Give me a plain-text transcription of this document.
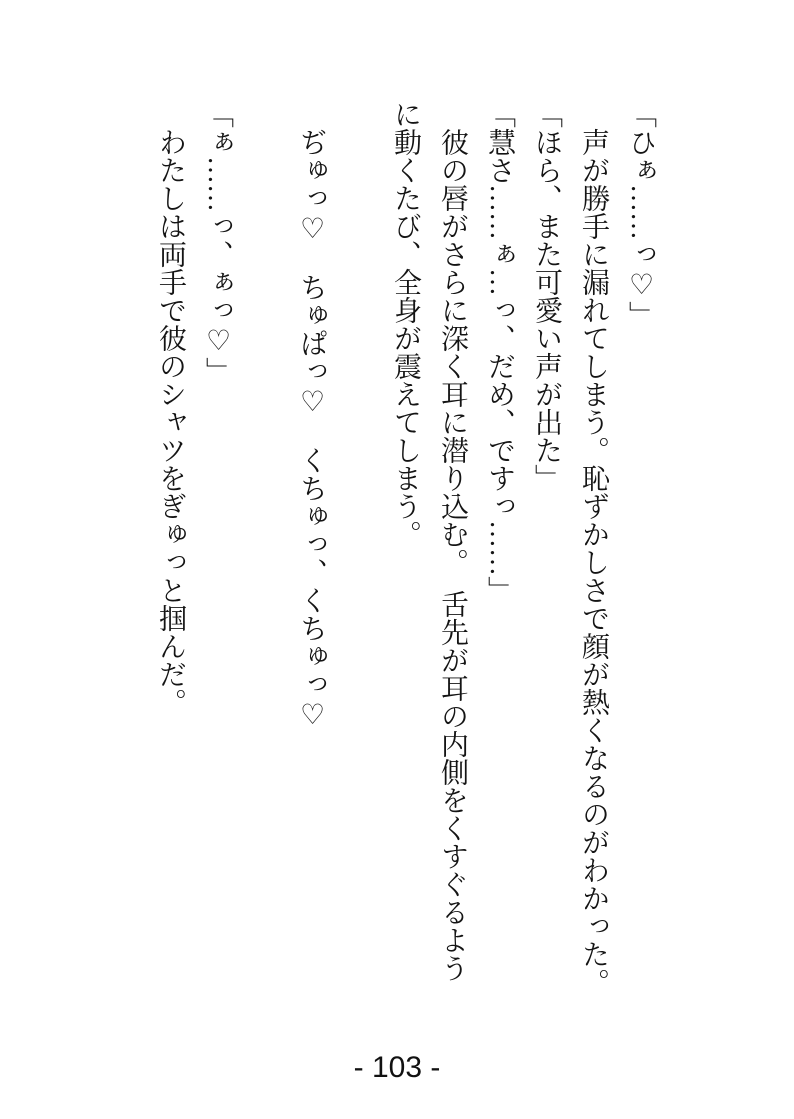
「ひぁ……っ♡」

声が勝手に漏れてしまう。恥ずかしさで顔が熱くなるのがわかった。

「ほら、また可愛い声が出た」

「慧さ……ぁ…っ、だめ、ですっ……」

彼の唇がさらに深く耳に潜り込む。　舌先が耳の内側をくすぐるように動くたび、全身が震えてしまう。

ぢゅっ♡　ちゅぱっ♡　くちゅっ、くちゅっ♡

「ぁ……っ、ぁっ♡」

わたしは両手で彼のシャツをぎゅっと掴んだ。

- 103 -
